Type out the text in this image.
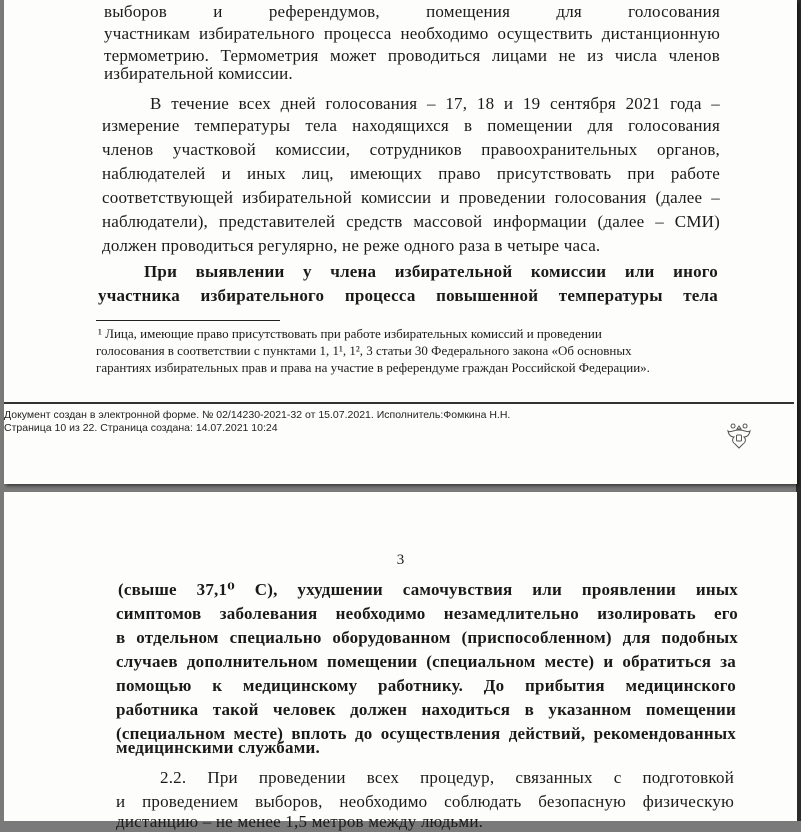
выборов и референдумов, помещения для голосования
участникам избирательного процесса необходимо осуществить дистанционную
термометрию. Термометрия может проводиться лицами не из числа членов
избирательной комиссии.
В течение всех дней голосования – 17, 18 и 19 сентября 2021 года –
измерение температуры тела находящихся в помещении для голосования
членов участковой комиссии, сотрудников правоохранительных органов,
наблюдателей и иных лиц, имеющих право присутствовать при работе
соответствующей избирательной комиссии и проведении голосования (далее –
наблюдатели), представителей средств массовой информации (далее – СМИ)
должен проводиться регулярно, не реже одного раза в четыре часа.
При выявлении у члена избирательной комиссии или иного
участника избирательного процесса повышенной температуры тела
¹ Лица, имеющие право присутствовать при работе избирательных комиссий и проведении
голосования в соответствии с пунктами 1, 1¹, 1², 3 статьи 30 Федерального закона «Об основных
гарантиях избирательных прав и права на участие в референдуме граждан Российской Федерации».
Документ создан в электронной форме. № 02/14230-2021-32 от 15.07.2021. Исполнитель:Фомкина Н.Н.
Страница 10 из 22. Страница создана: 14.07.2021 10:24
3
(свыше 37,1⁰ С), ухудшении самочувствия или проявлении иных
симптомов заболевания необходимо незамедлительно изолировать его
в отдельном специально оборудованном (приспособленном) для подобных
случаев дополнительном помещении (специальном месте) и обратиться за
помощью к медицинскому работнику. До прибытия медицинского
работника такой человек должен находиться в указанном помещении
(специальном месте) вплоть до осуществления действий, рекомендованных
медицинскими службами.
2.2. При проведении всех процедур, связанных с подготовкой
и проведением выборов, необходимо соблюдать безопасную физическую
дистанцию – не менее 1,5 метров между людьми.
